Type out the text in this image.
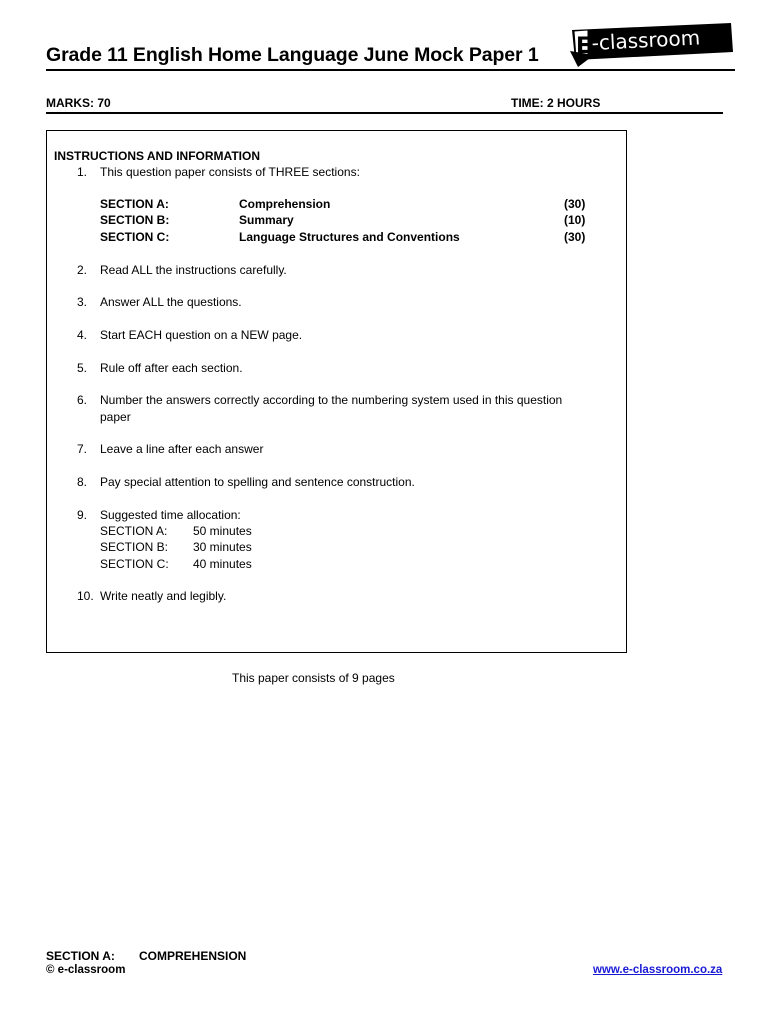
Grade 11 English Home Language June Mock Paper 1 E -classroom
MARKS: 70	TIME: 2 HOURS
INSTRUCTIONS AND INFORMATION
1. This question paper consists of THREE sections:
SECTION A:	Comprehension	(30)
SECTION B:	Summary	(10)
SECTION C:	Language Structures and Conventions	(30)
2. Read ALL the instructions carefully.
3. Answer ALL the questions.
4. Start EACH question on a NEW page.
5. Rule off after each section.
6. Number the answers correctly according to the numbering system used in this question
paper
7. Leave a line after each answer
8. Pay special attention to spelling and sentence construction.
9. Suggested time allocation:
SECTION A: 50 minutes
SECTION B: 30 minutes
SECTION C: 40 minutes
10. Write neatly and legibly.
This paper consists of 9 pages
SECTION A: COMPREHENSION
© e-classroom	www.e-classroom.co.za
